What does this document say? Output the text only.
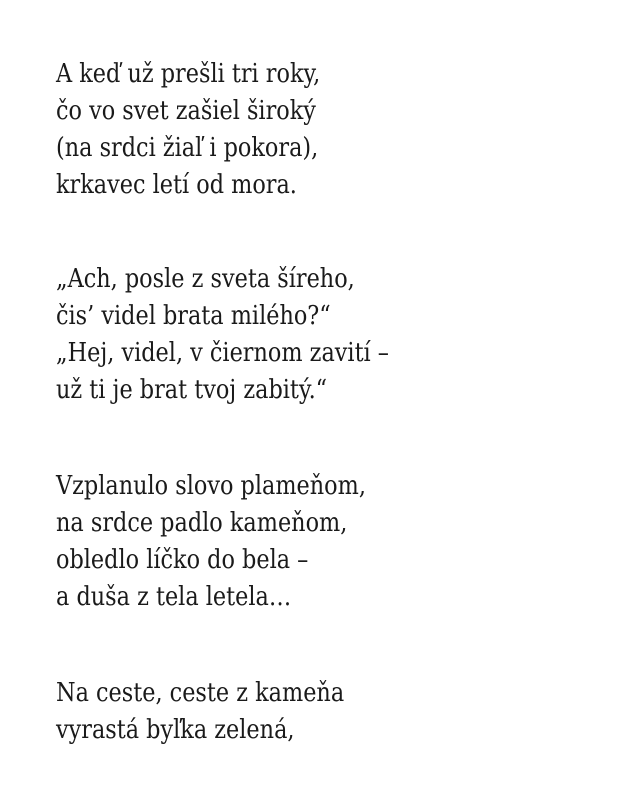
A keď už prešli tri roky,
čo vo svet zašiel široký
(na srdci žiaľ i pokora),
krkavec letí od mora.
„Ach, posle z sveta šíreho,
čis’ videl brata milého?“
„Hej, videl, v čiernom zavití –
už ti je brat tvoj zabitý.“
Vzplanulo slovo plameňom,
na srdce padlo kameňom,
obledlo líčko do bela –
a duša z tela letela…
Na ceste, ceste z kameňa
vyrastá byľka zelená,
